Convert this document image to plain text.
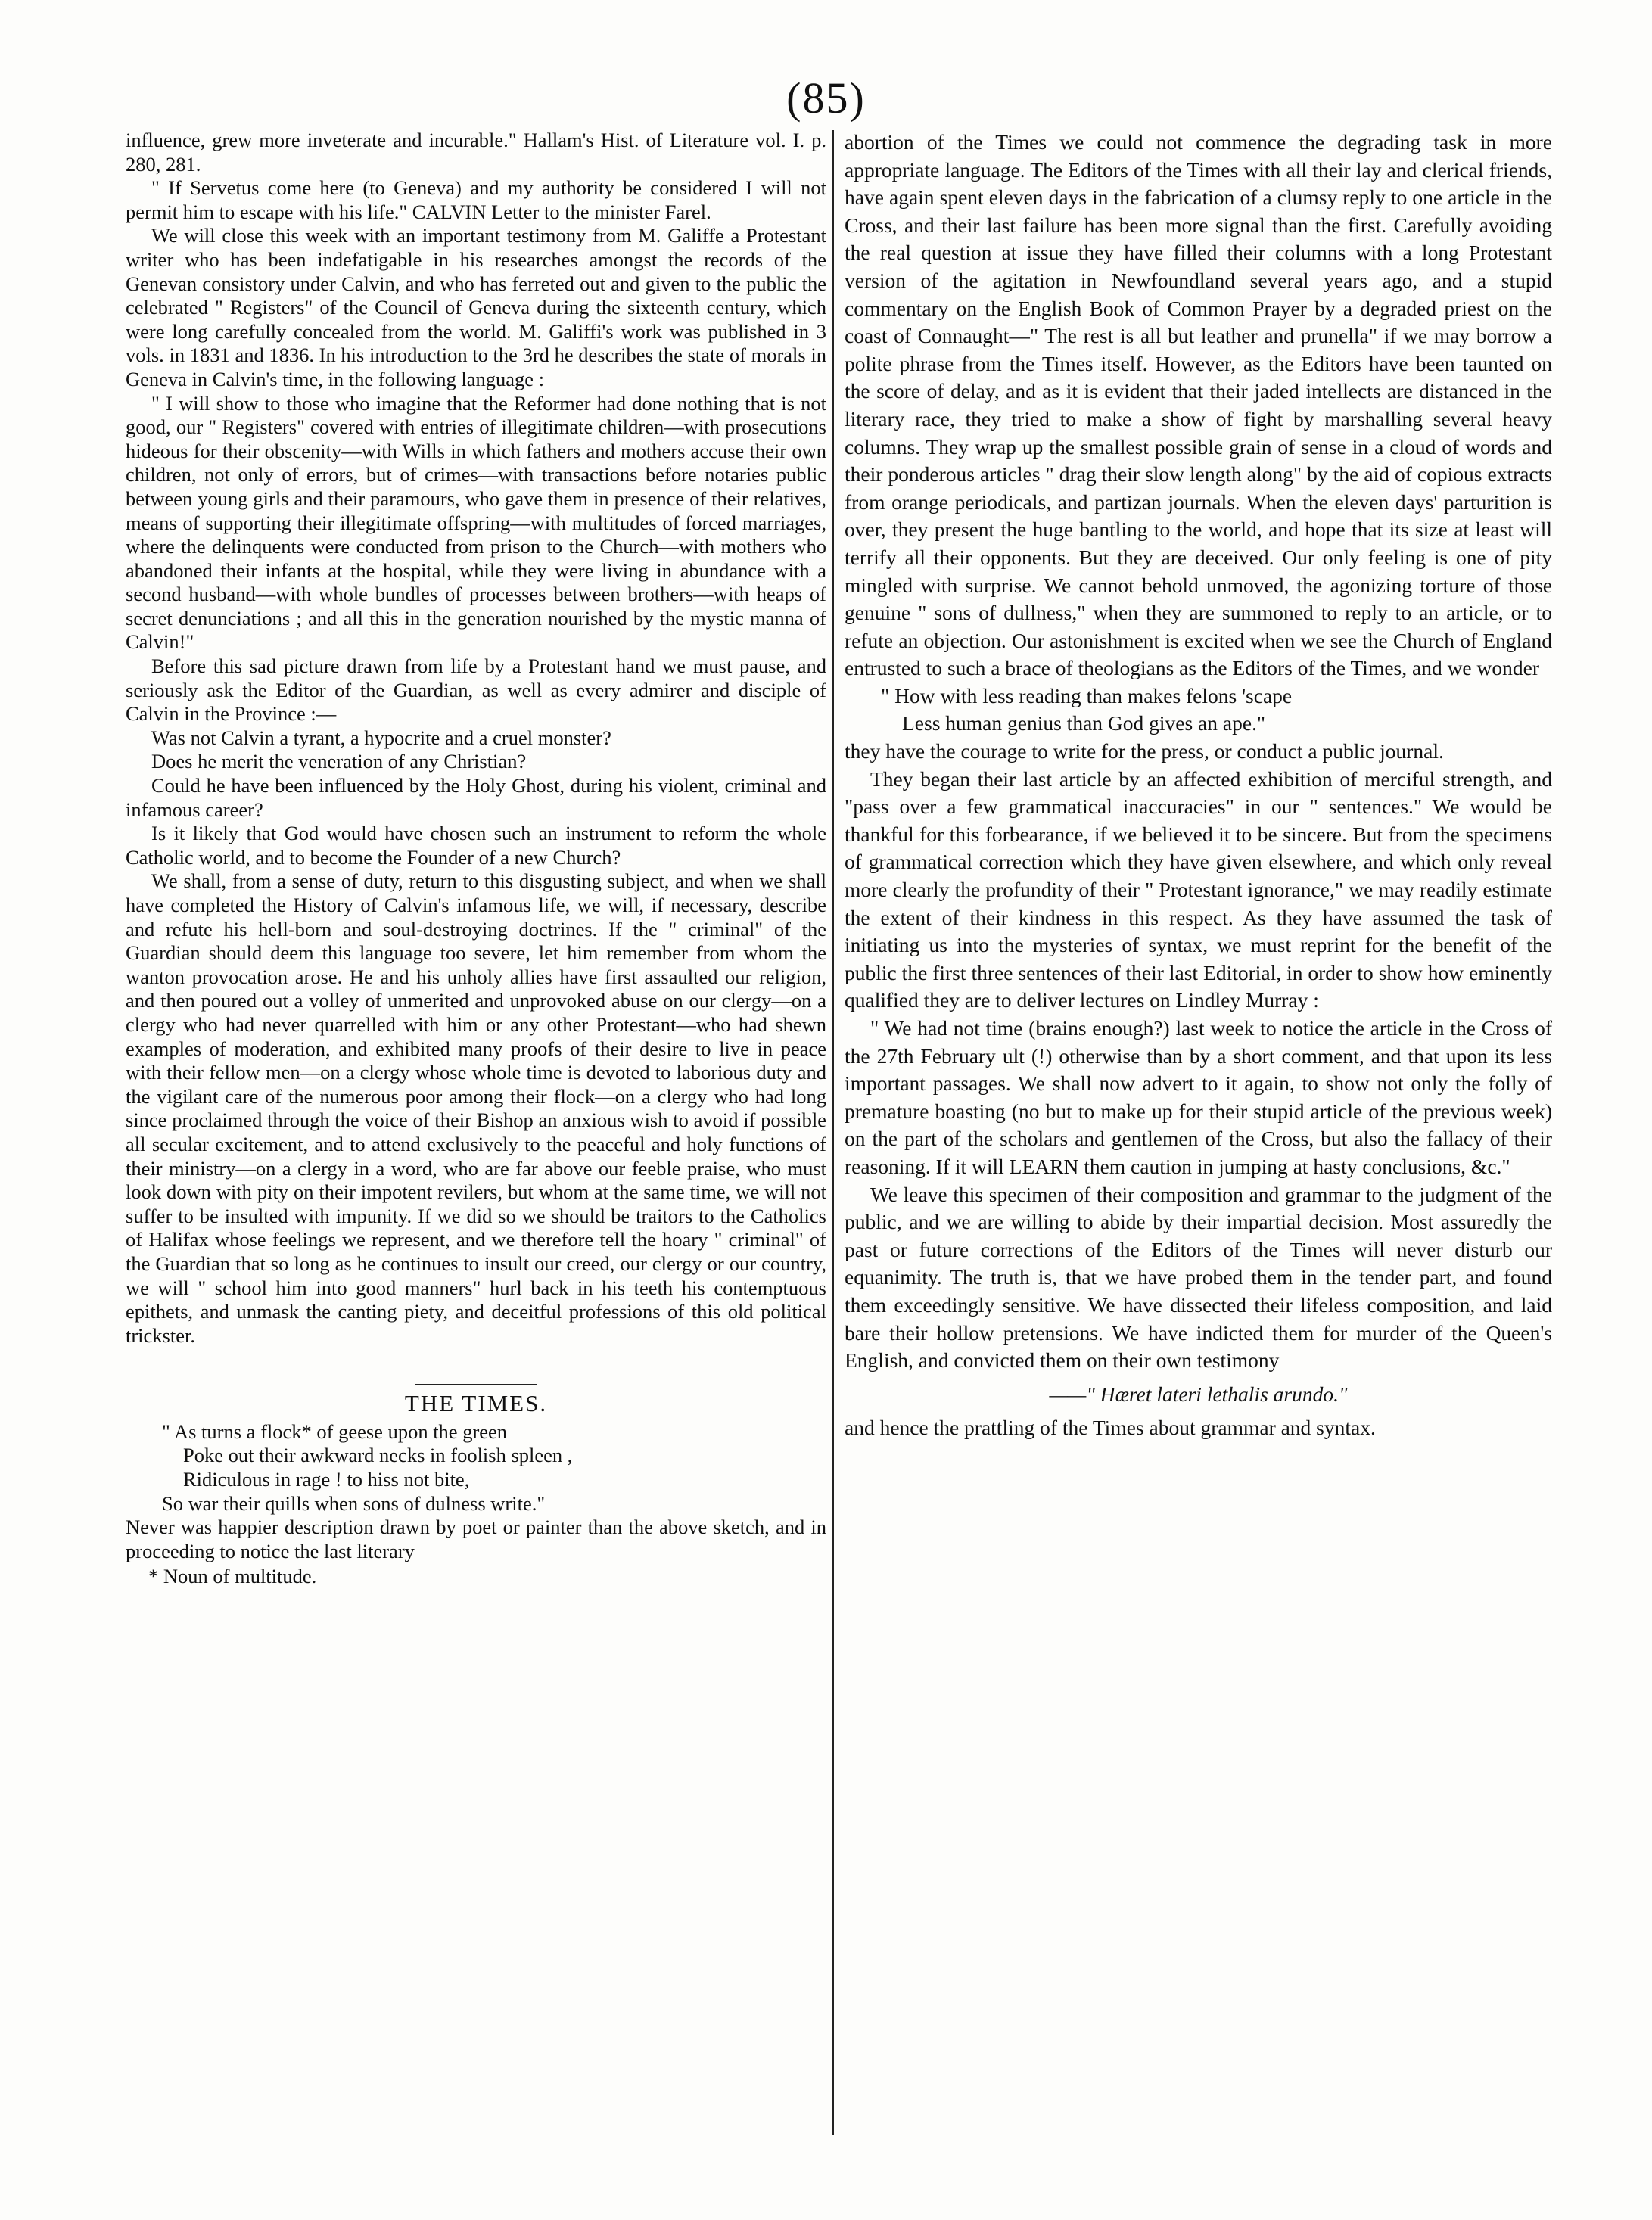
(85)

influence, grew more inveterate and incurable." Hallam's Hist. of Literature vol. I. p. 280, 281.

" If Servetus come here (to Geneva) and my authority be considered I will not permit him to escape with his life." CALVIN Letter to the minister Farel.

We will close this week with an important testimony from M. Galiffe a Protestant writer who has been indefatigable in his researches amongst the records of the Genevan consistory under Calvin, and who has ferreted out and given to the public the celebrated " Registers" of the Council of Geneva during the sixteenth century, which were long carefully concealed from the world. M. Galiffi's work was published in 3 vols. in 1831 and 1836. In his introduction to the 3rd he describes the state of morals in Geneva in Calvin's time, in the following language :

" I will show to those who imagine that the Reformer had done nothing that is not good, our " Registers" covered with entries of illegitimate children—with prosecutions hideous for their obscenity—with Wills in which fathers and mothers accuse their own children, not only of errors, but of crimes—with transactions before notaries public between young girls and their paramours, who gave them in presence of their relatives, means of supporting their illegitimate offspring—with multitudes of forced marriages, where the delinquents were conducted from prison to the Church—with mothers who abandoned their infants at the hospital, while they were living in abundance with a second husband—with whole bundles of processes between brothers—with heaps of secret denunciations ; and all this in the generation nourished by the mystic manna of Calvin!"

Before this sad picture drawn from life by a Protestant hand we must pause, and seriously ask the Editor of the Guardian, as well as every admirer and disciple of Calvin in the Province :—

Was not Calvin a tyrant, a hypocrite and a cruel monster?

Does he merit the veneration of any Christian?

Could he have been influenced by the Holy Ghost, during his violent, criminal and infamous career?

Is it likely that God would have chosen such an instrument to reform the whole Catholic world, and to become the Founder of a new Church?

We shall, from a sense of duty, return to this disgusting subject, and when we shall have completed the History of Calvin's infamous life, we will, if necessary, describe and refute his hell-born and soul-destroying doctrines. If the " criminal" of the Guardian should deem this language too severe, let him remember from whom the wanton provocation arose. He and his unholy allies have first assaulted our religion, and then poured out a volley of unmerited and unprovoked abuse on our clergy—on a clergy who had never quarrelled with him or any other Protestant—who had shewn examples of moderation, and exhibited many proofs of their desire to live in peace with their fellow men—on a clergy whose whole time is devoted to laborious duty and the vigilant care of the numerous poor among their flock—on a clergy who had long since proclaimed through the voice of their Bishop an anxious wish to avoid if possible all secular excitement, and to attend exclusively to the peaceful and holy functions of their ministry—on a clergy in a word, who are far above our feeble praise, who must look down with pity on their impotent revilers, but whom at the same time, we will not suffer to be insulted with impunity. If we did so we should be traitors to the Catholics of Halifax whose feelings we represent, and we therefore tell the hoary " criminal" of the Guardian that so long as he continues to insult our creed, our clergy or our country, we will " school him into good manners" hurl back in his teeth his contemptuous epithets, and unmask the canting piety, and deceitful professions of this old political trickster.

THE TIMES.
" As turns a flock* of geese upon the green
Poke out their awkward necks in foolish spleen ,
Ridiculous in rage ! to hiss not bite,
So war their quills when sons of dulness write."

Never was happier description drawn by poet or painter than the above sketch, and in proceeding to notice the last literary

* Noun of multitude.

abortion of the Times we could not commence the degrading task in more appropriate language. The Editors of the Times with all their lay and clerical friends, have again spent eleven days in the fabrication of a clumsy reply to one article in the Cross, and their last failure has been more signal than the first. Carefully avoiding the real question at issue they have filled their columns with a long Protestant version of the agitation in Newfoundland several years ago, and a stupid commentary on the English Book of Common Prayer by a degraded priest on the coast of Connaught—" The rest is all but leather and prunella" if we may borrow a polite phrase from the Times itself. However, as the Editors have been taunted on the score of delay, and as it is evident that their jaded intellects are distanced in the literary race, they tried to make a show of fight by marshalling several heavy columns. They wrap up the smallest possible grain of sense in a cloud of words and their ponderous articles " drag their slow length along" by the aid of copious extracts from orange periodicals, and partizan journals. When the eleven days' parturition is over, they present the huge bantling to the world, and hope that its size at least will terrify all their opponents. But they are deceived. Our only feeling is one of pity mingled with surprise. We cannot behold unmoved, the agonizing torture of those genuine " sons of dullness," when they are summoned to reply to an article, or to refute an objection. Our astonishment is excited when we see the Church of England entrusted to such a brace of theologians as the Editors of the Times, and we wonder

" How with less reading than makes felons 'scape
Less human genius than God gives an ape."

they have the courage to write for the press, or conduct a public journal.

They began their last article by an affected exhibition of merciful strength, and "pass over a few grammatical inaccuracies" in our " sentences." We would be thankful for this forbearance, if we believed it to be sincere. But from the specimens of grammatical correction which they have given elsewhere, and which only reveal more clearly the profundity of their " Protestant ignorance," we may readily estimate the extent of their kindness in this respect. As they have assumed the task of initiating us into the mysteries of syntax, we must reprint for the benefit of the public the first three sentences of their last Editorial, in order to show how eminently qualified they are to deliver lectures on Lindley Murray :

" We had not time (brains enough?) last week to notice the article in the Cross of the 27th February ult (!) otherwise than by a short comment, and that upon its less important passages. We shall now advert to it again, to show not only the folly of premature boasting (no but to make up for their stupid article of the previous week) on the part of the scholars and gentlemen of the Cross, but also the fallacy of their reasoning. If it will LEARN them caution in jumping at hasty conclusions, &c."

We leave this specimen of their composition and grammar to the judgment of the public, and we are willing to abide by their impartial decision. Most assuredly the past or future corrections of the Editors of the Times will never disturb our equanimity. The truth is, that we have probed them in the tender part, and found them exceedingly sensitive. We have dissected their lifeless composition, and laid bare their hollow pretensions. We have indicted them for murder of the Queen's English, and convicted them on their own testimony

——" Hæret lateri lethalis arundo."

and hence the prattling of the Times about grammar and syntax.
